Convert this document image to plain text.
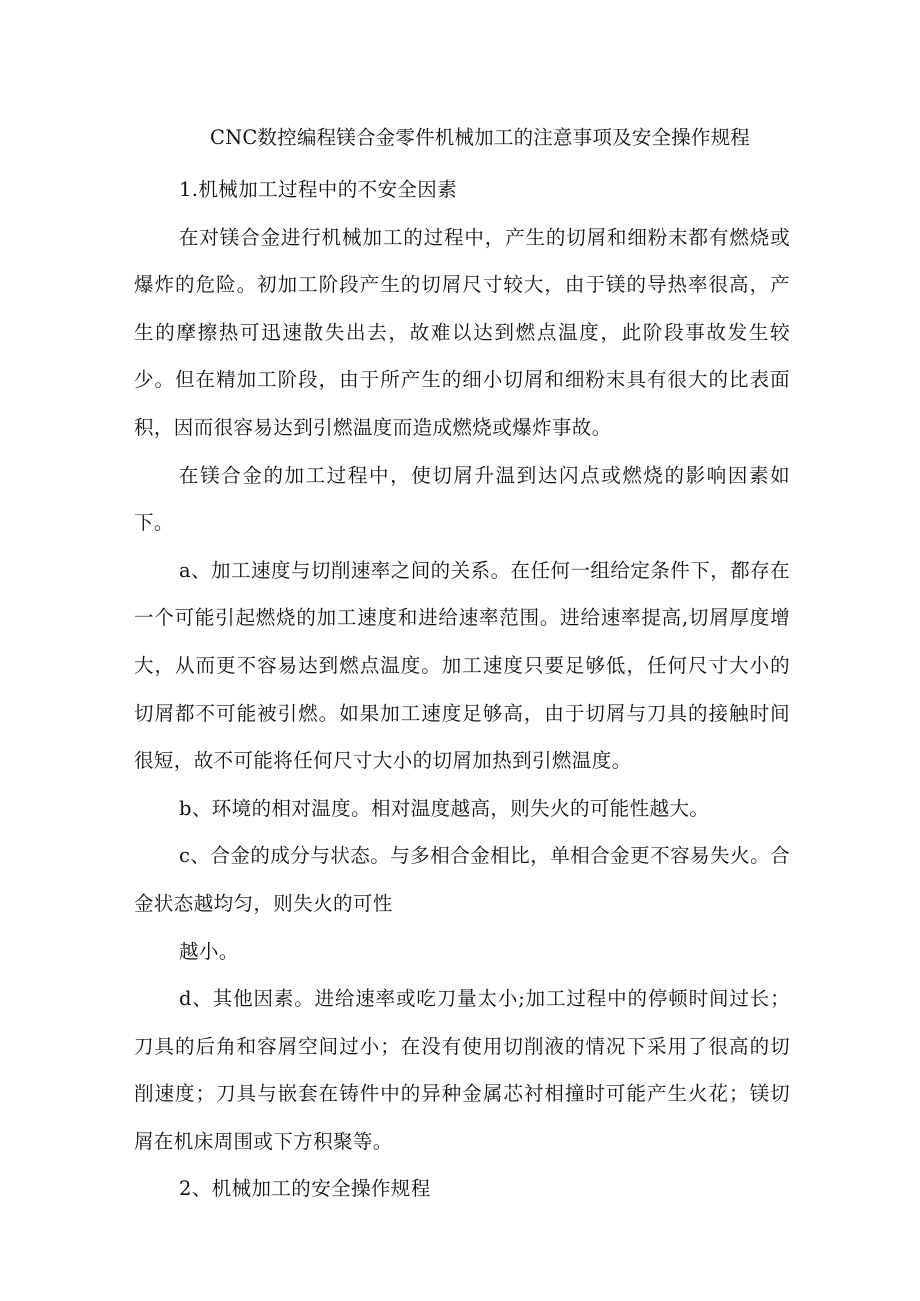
CNC数控编程镁合金零件机械加工的注意事项及安全操作规程

1.机械加工过程中的不安全因素

在对镁合金进行机械加工的过程中，产生的切屑和细粉末都有燃烧或爆炸的危险。初加工阶段产生的切屑尺寸较大，由于镁的导热率很高，产生的摩擦热可迅速散失出去，故难以达到燃点温度，此阶段事故发生较少。但在精加工阶段，由于所产生的细小切屑和细粉末具有很大的比表面积，因而很容易达到引燃温度而造成燃烧或爆炸事故。

在镁合金的加工过程中，使切屑升温到达闪点或燃烧的影响因素如下。

a、加工速度与切削速率之间的关系。在任何一组给定条件下，都存在一个可能引起燃烧的加工速度和进给速率范围。进给速率提高,切屑厚度增大，从而更不容易达到燃点温度。加工速度只要足够低，任何尺寸大小的切屑都不可能被引燃。如果加工速度足够高，由于切屑与刀具的接触时间很短，故不可能将任何尺寸大小的切屑加热到引燃温度。

b、环境的相对温度。相对温度越高，则失火的可能性越大。

c、合金的成分与状态。与多相合金相比，单相合金更不容易失火。合金状态越均匀，则失火的可性

越小。

d、其他因素。进给速率或吃刀量太小;加工过程中的停顿时间过长；刀具的后角和容屑空间过小；在没有使用切削液的情况下采用了很高的切削速度；刀具与嵌套在铸件中的异种金属芯衬相撞时可能产生火花；镁切屑在机床周围或下方积聚等。

2、机械加工的安全操作规程
